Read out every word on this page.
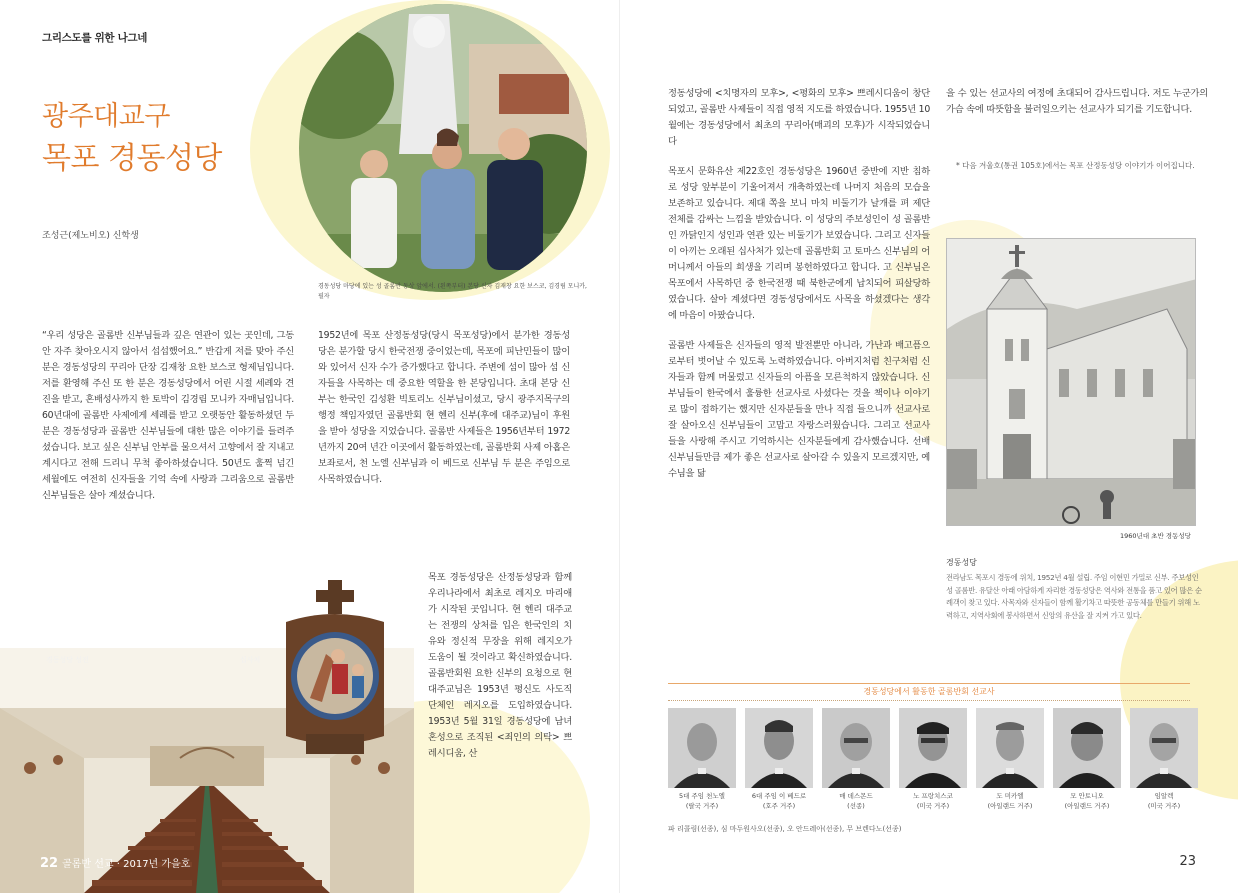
그리스도를 위한 나그네
광주대교구
목포 경동성당
조성근(제노비오) 신학생
경동성당 마당에 있는 성 골롬반 동상 앞에서. (왼쪽부터) 본당 신자 김재창 요한 보스코, 김경림 모니카, 필자

“우리 성당은 골롬반 신부님들과 깊은 연관이 있는 곳인데, 그동안 자주 찾아오시지 않아서 섭섭했어요.” 반갑게 저를 맞아 주신 분은 경동성당의 꾸리아 단장 김재창 요한 보스코 형제님입니다. 저를 환영해 주신 또 한 분은 경동성당에서 어린 시절 세례와 견진을 받고, 혼배성사까지 한 토박이 김경림 모니카 자매님입니다. 60년대에 골롬반 사제에게 세례를 받고 오랫동안 활동하셨던 두 분은 경동성당과 골롬반 신부님들에 대한 많은 이야기를 들려주셨습니다. 보고 싶은 신부님 안부를 물으셔서 고향에서 잘 지내고 계시다고 전해 드리니 무척 좋아하셨습니다. 50년도 훌쩍 넘긴 세월에도 여전히 신자들을 기억 속에 사랑과 그리움으로 골롬반 신부님들은 살아 계셨습니다.

1952년에 목포 산정동성당(당시 목포성당)에서 분가한 경동성당은 분가할 당시 한국전쟁 중이었는데, 목포에 피난민들이 많이 와 있어서 신자 수가 증가했다고 합니다. 주변에 섬이 많아 섬 신자들을 사목하는 데 중요한 역할을 한 본당입니다. 초대 본당 신부는 한국인 김성환 빅토리노 신부님이셨고, 당시 광주지목구의 행정 책임자였던 골롬반회 현 헨리 신부(후에 대주교)님이 후원을 받아 성당을 지었습니다. 골롬반 사제들은 1956년부터 1972년까지 20여 년간 이곳에서 활동하였는데, 골롬반회 사제 아홉은 보좌로서, 천 노엘 신부님과 이 베드로 신부님 두 분은 주임으로 사목하였습니다.

목포 경동성당은 산정동성당과 함께 우리나라에서 최초로 레지오 마리애가 시작된 곳입니다. 현 헨리 대주교는 전쟁의 상처를 입은 한국인의 치유와 정신적 무장을 위해 레지오가 도움이 될 것이라고 확신하였습니다. 골롬반회원 요한 신부의 요청으로 현 대주교님은 1953년 평신도 사도직 단체인 레지오를 도입하였습니다. 1953년 5월 31일 경동성당에 남녀 혼성으로 조직된 <죄인의 의탁> 쁘레시디움, 산

경동성당 성전	십사처
22 골롬반 선교 · 2017년 가을호

정동성당에 <치명자의 모후>, <평화의 모후> 쁘레시디움이 창단되었고, 골롬반 사제들이 직접 영적 지도를 하였습니다. 1955년 10월에는 경동성당에서 최초의 꾸리아(매괴의 모후)가 시작되었습니다

목포시 문화유산 제22호인 경동성당은 1960년 중반에 지반 침하로 성당 앞부분이 기울어져서 개축하였는데 나머지 처음의 모습을 보존하고 있습니다. 제대 쪽을 보니 마치 비둘기가 날개를 펴 제단 전체를 감싸는 느낌을 받았습니다. 이 성당의 주보성인이 성 골롬반인 까닭인지 성인과 연관 있는 비둘기가 보였습니다. 그리고 신자들이 아끼는 오래된 십사처가 있는데 골롬반회 고 토마스 신부님의 어머니께서 아들의 희생을 기리며 봉헌하였다고 합니다. 고 신부님은 목포에서 사목하던 중 한국전쟁 때 북한군에게 납치되어 피살당하였습니다. 살아 계셨다면 경동성당에서도 사목을 하셨겠다는 생각에 마음이 아팠습니다.

골롬반 사제들은 신자들의 영적 발전뿐만 아니라, 가난과 배고픔으로부터 벗어날 수 있도록 노력하였습니다. 아버지처럼 친구처럼 신자들과 함께 머물렀고 신자들의 아픔을 모른척하지 않았습니다. 신부님들이 한국에서 훌륭한 선교사로 사셨다는 것을 책이나 이야기로 많이 접하기는 했지만 신자분들을 만나 직접 들으니까 선교사로 잘 살아오신 신부님들이 고맙고 자랑스러웠습니다. 그리고 선교사들을 사랑해 주시고 기억하시는 신자분들에게 감사했습니다. 선배 신부님들만큼 제가 좋은 선교사로 살아갈 수 있을지 모르겠지만, 예수님을 닮

을 수 있는 선교사의 여정에 초대되어 감사드립니다. 저도 누군가의 가슴 속에 따뜻함을 불러일으키는 선교사가 되기를 기도합니다.

* 다음 겨울호(통권 105호)에서는 목포 산정동성당 이야기가 이어집니다.
1960년대 초반 경동성당
경동성당
전라남도 목포시 경동에 위치, 1952년 4월 설립. 주임 이현민 가밀로 신부. 주보성인 성 골롬반. 유달산 아래 아담하게 자리한 경동성당은 역사와 전통을 품고 있어 많은 순례객이 찾고 있다. 사목자와 신자들이 함께 활기차고 따뜻한 공동체를 만들기 위해 노력하고, 지역사회에 봉사하면서 신앙의 유산을 잘 지켜 가고 있다.
경동성당에서 활동한 골롬반회 선교사
5대 주임 천노엘
(랄국 거주)
6대 주임 이 베드로
(호주 거주)
매 데스몬드
(선종)
노 프랑치스코
(미국 거주)
도 미카엘
(아일랜드 거주)
모 안토니오
(아일랜드 거주)
임알렉
(미국 거주)
파 리콜림(선종), 심 마두원사오(선종), 오 안드레아(선종), 무 브렌다노(선종)
23
